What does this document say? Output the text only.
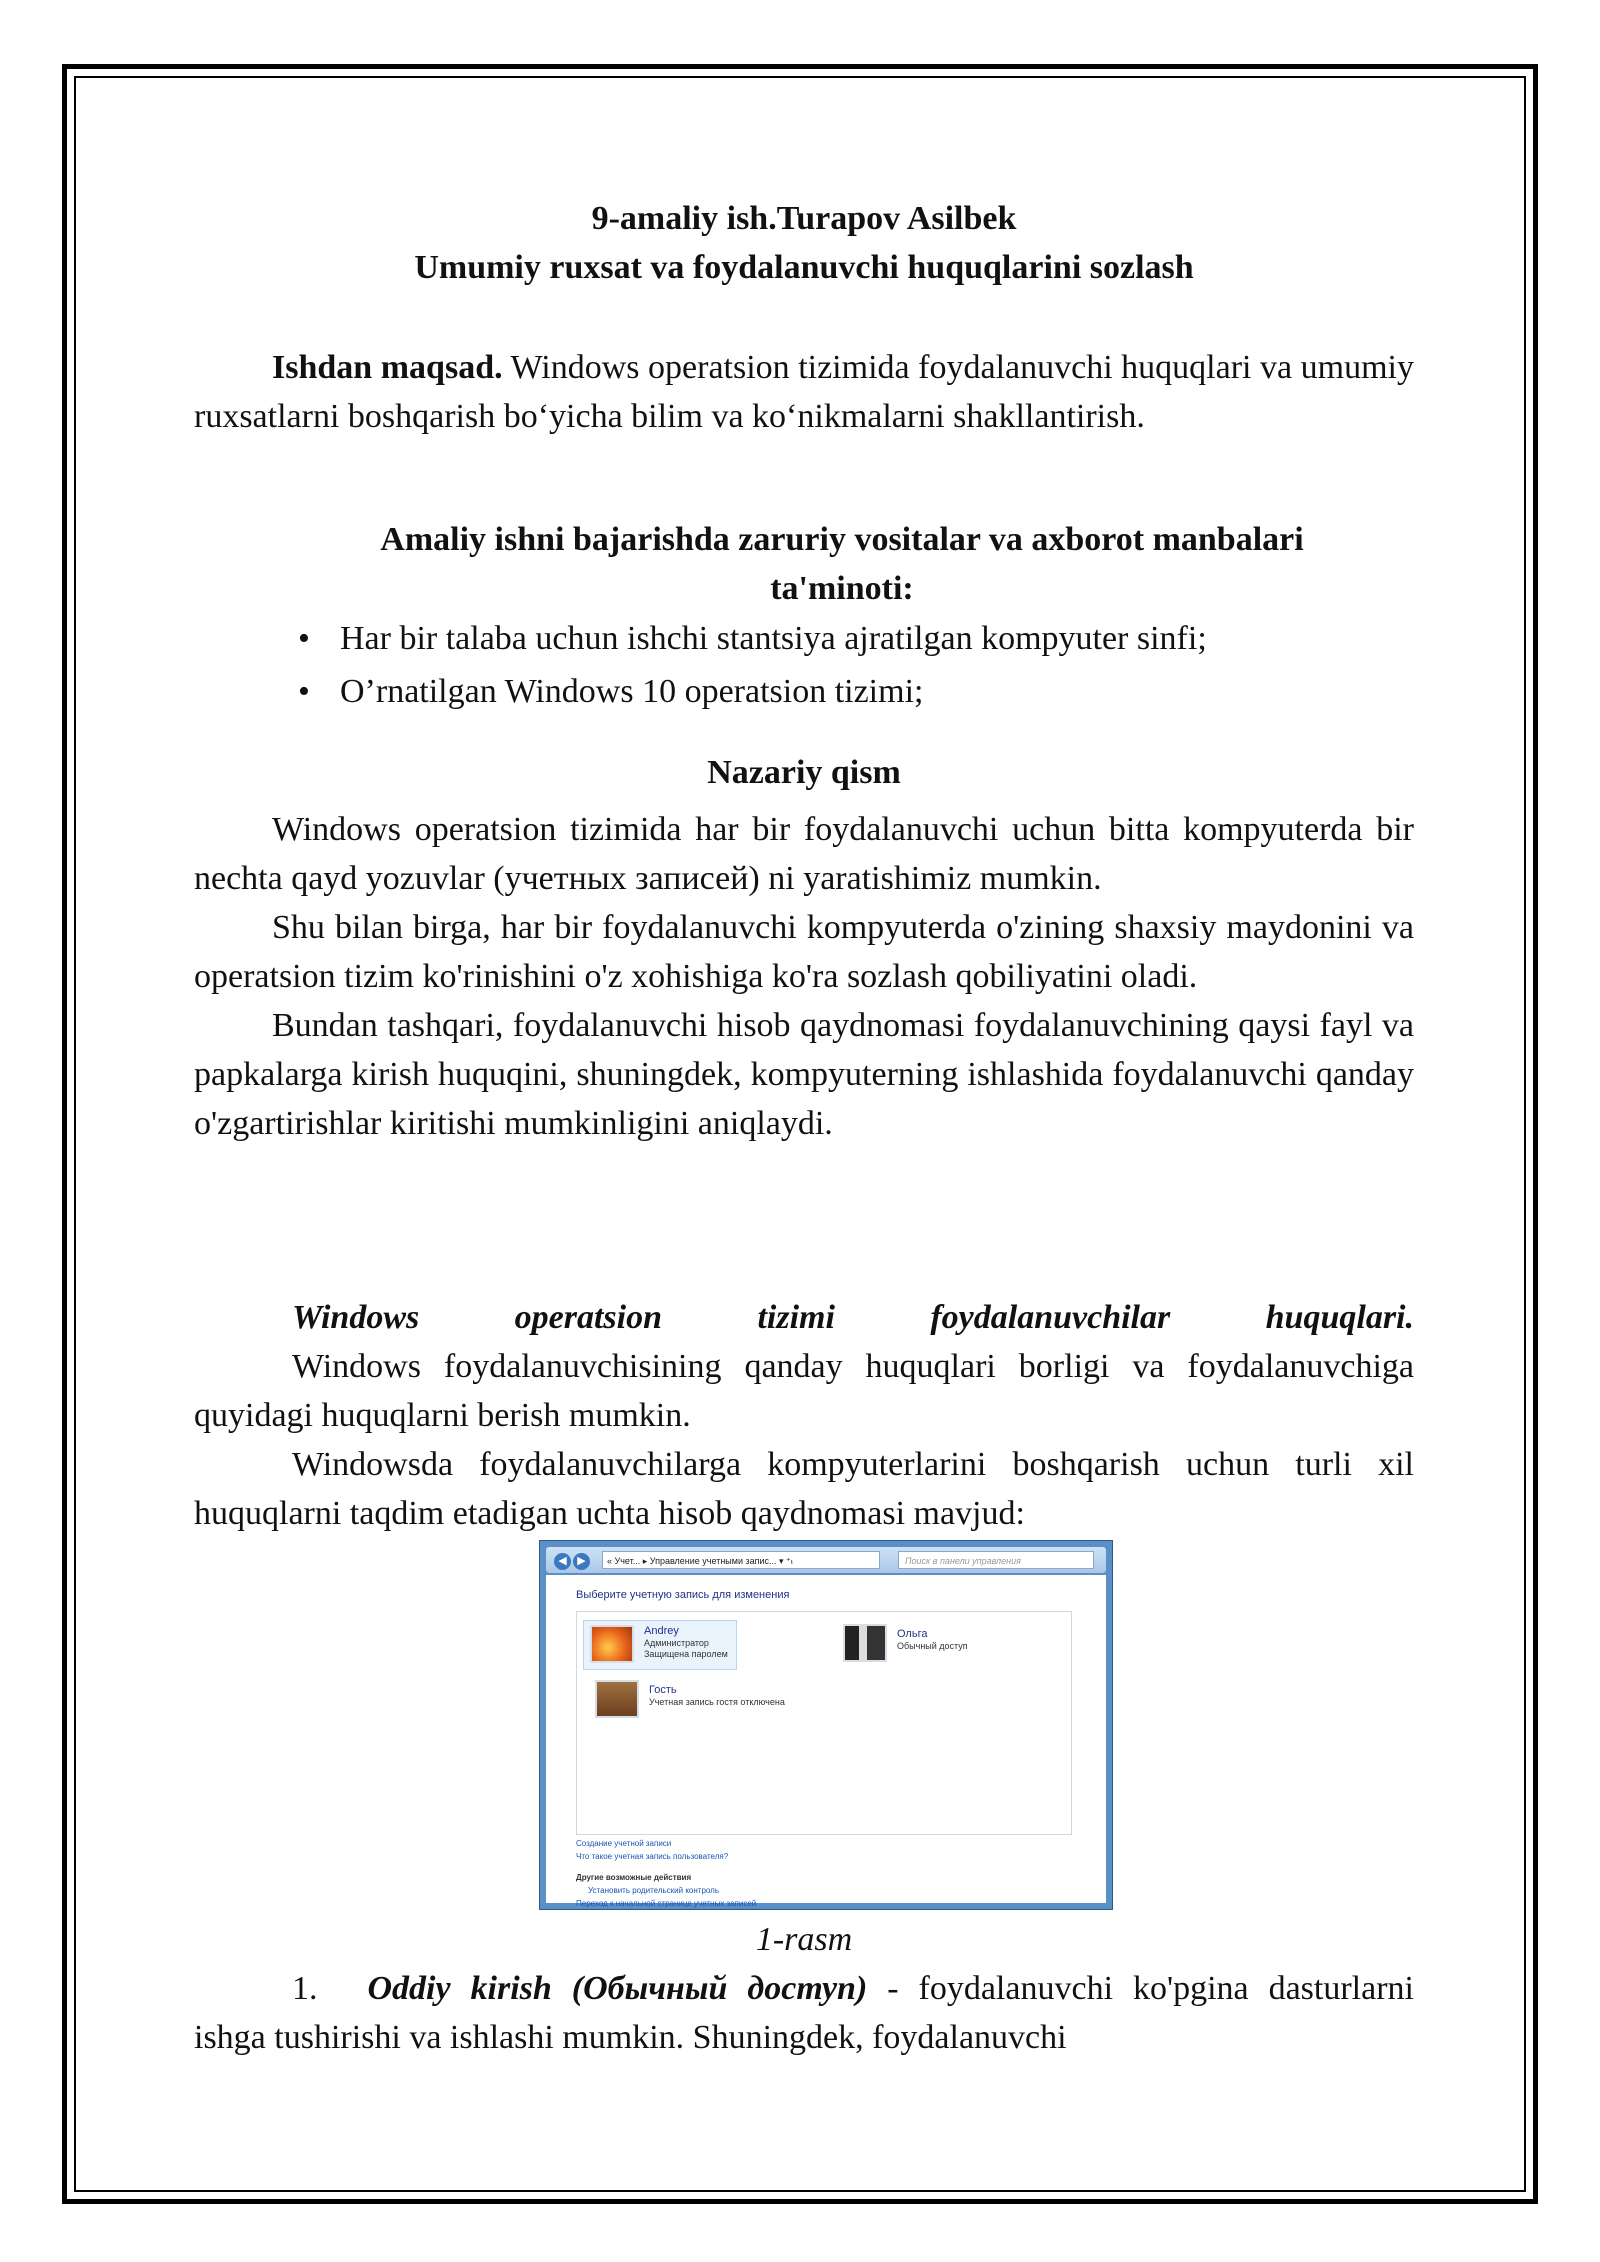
9-amaliy ish.Turapov Asilbek

Umumiy ruxsat va foydalanuvchi huquqlarini sozlash

Ishdan maqsad. Windows operatsion tizimida foydalanuvchi huquqlari va umumiy ruxsatlarni boshqarish bo‘yicha bilim va ko‘nikmalarni shakllantirish.

Amaliy ishni bajarishda zaruriy vositalar va axborot manbalari

ta'minoti:

• Har bir talaba uchun ishchi stantsiya ajratilgan kompyuter sinfi;
• O’rnatilgan Windows 10 operatsion tizimi;
Nazariy qism

Windows operatsion tizimida har bir foydalanuvchi uchun bitta kompyuterda bir nechta qayd yozuvlar (учетных записей) ni yaratishimiz mumkin.

Shu bilan birga, har bir foydalanuvchi kompyuterda o'zining shaxsiy maydonini va operatsion tizim ko'rinishini o'z xohishiga ko'ra sozlash qobiliyatini oladi.

Bundan tashqari, foydalanuvchi hisob qaydnomasi foydalanuvchining qaysi fayl va papkalarga kirish huquqini, shuningdek, kompyuterning ishlashida foydalanuvchi qanday o'zgartirishlar kiritishi mumkinligini aniqlaydi.

Windows operatsion tizimi foydalanuvchilar huquqlari.

Windows foydalanuvchisining qanday huquqlari borligi va foydalanuvchiga quyidagi huquqlarni berish mumkin.

Windowsda foydalanuvchilarga kompyuterlarini boshqarish uchun turli xil huquqlarni taqdim etadigan uchta hisob qaydnomasi mavjud:

◀ ▶	« Учет... ▸ Управление учетными запис... ▾ ⁺ₜ	Поиск в панели управления
Выберите учетную запись для изменения
Andrey
Администратор
Защищена паролем
Ольга
Обычный доступ
Гость
Учетная запись гостя отключена
Создание учетной записи
Что такое учетная запись пользователя?
Другие возможные действия
Установить родительский контроль
Переход к начальной странице учетных записей
1-rasm

1. Oddiy kirish (Обычный доступ) - foydalanuvchi ko'pgina dasturlarni ishga tushirishi va ishlashi mumkin. Shuningdek, foydalanuvchi
